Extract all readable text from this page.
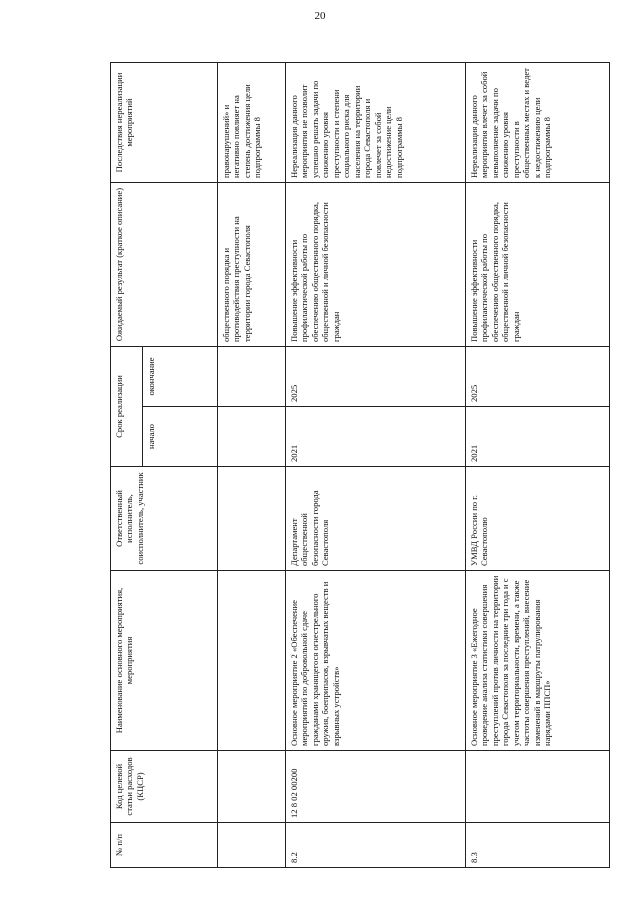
20
№ п/п	Код целевой статьи расходов (КЦСР)	Наименование основного мероприятия, мероприятия	Ответственный исполнитель, соисполнитель, участник	Срок реализации		Ожидаемый результат (краткое описание)	Последствия нереализации мероприятий
				начало	окончание		
						общественного порядка и противодействия преступности на территории города Севастополя	правонарушений» и негативно повлияет на степень достижения цели подпрограммы 8
8.2	12 8 02 00200	Основное мероприятие 2 «Обеспечение мероприятий по добровольной сдаче гражданами хранящегося огнестрельного оружия, боеприпасов, взрывчатых веществ и взрывных устройств»	Департамент общественной безопасности города Севастополя	2021	2025	Повышение эффективности профилактической работы по обеспечению общественного порядка, общественной и личной безопасности граждан	Нереализация данного мероприятия не позволит успешно решать задачи по снижению уровня преступности и степени социального риска для населения на территории города Севастополя и повлечет за собой недостижение цели подпрограммы 8
8.3		Основное мероприятие 3 «Ежегодное проведение анализа статистики совершения преступлений против личности на территории города Севастополя за последние три года и с учетом территориальности, времени, а также частоты совершения преступлений, внесение изменений в маршруты патрулирования нарядами ППСП»	УМВД России по г. Севастополю	2021	2025	Повышение эффективности профилактической работы по обеспечению общественного порядка, общественной и личной безопасности граждан	Нереализация данного мероприятия влечет за собой невыполнение задачи по снижению уровня преступности в общественных местах и ведет к недостижению цели подпрограммы 8
